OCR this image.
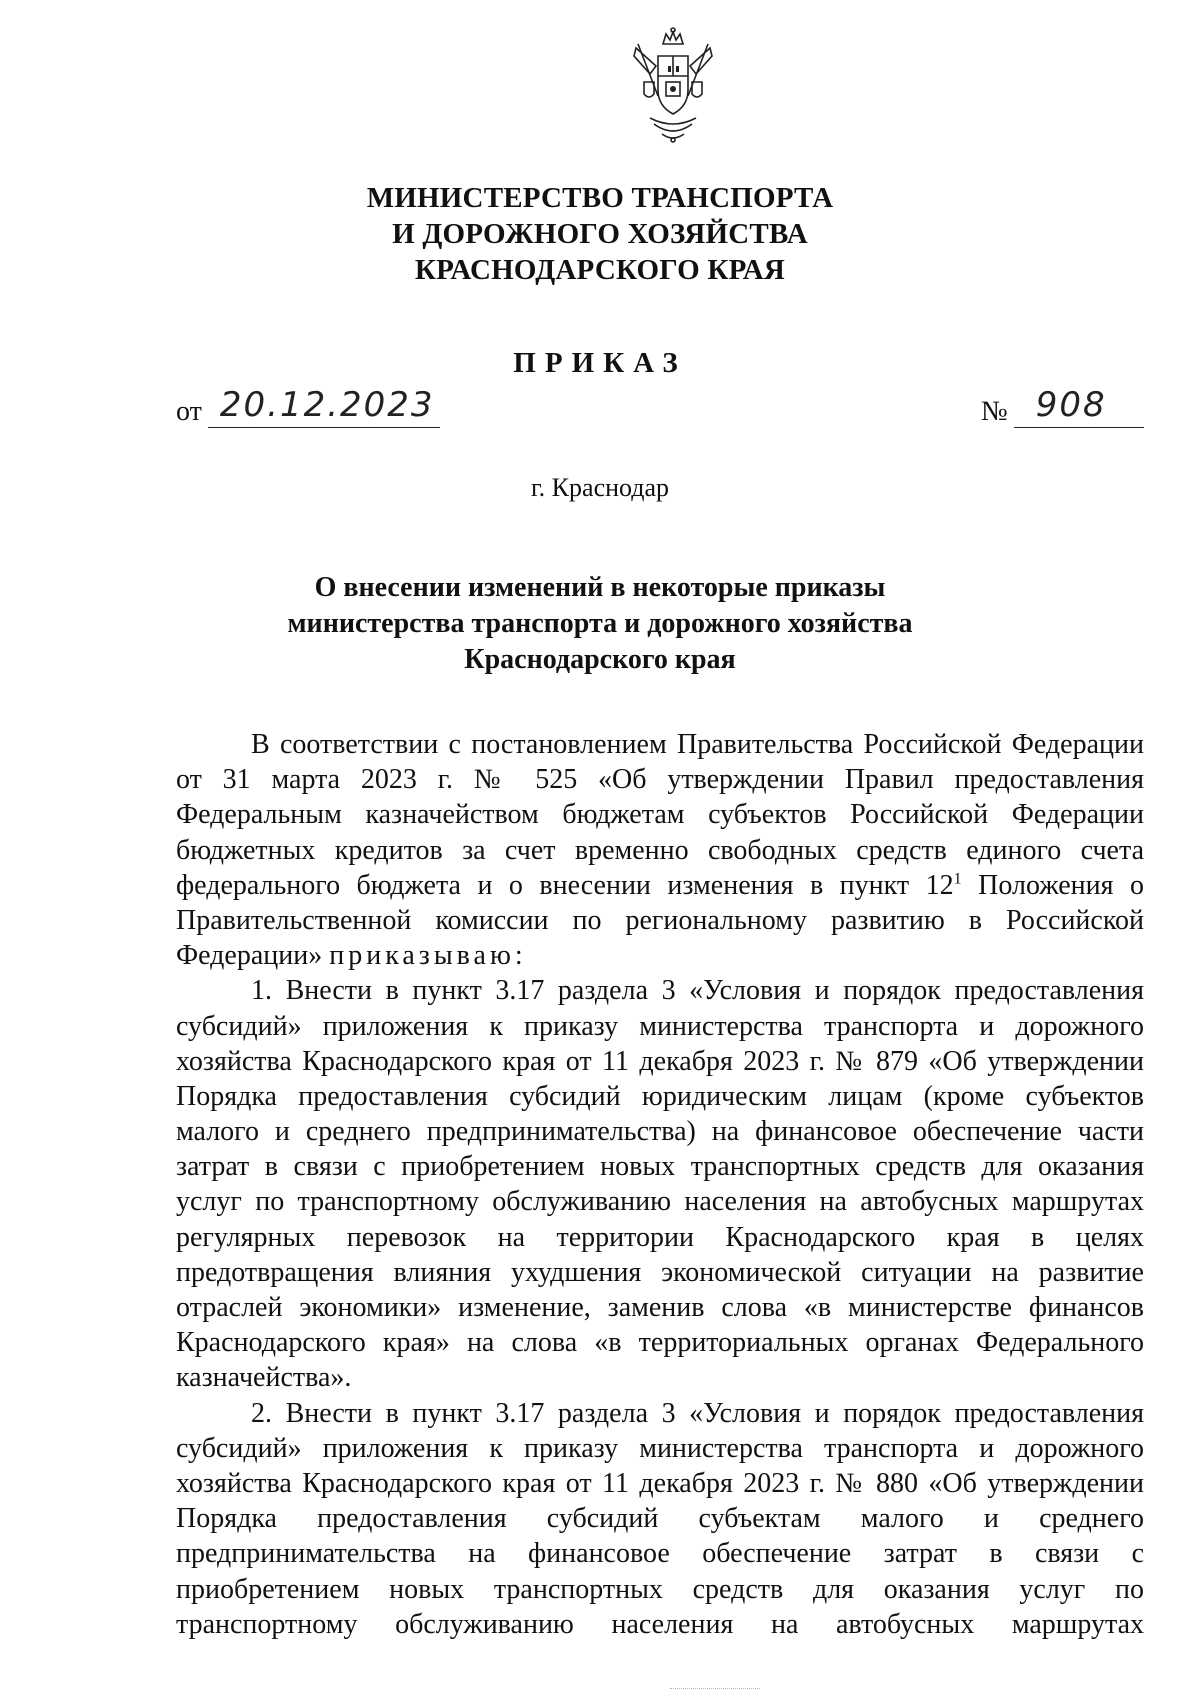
МИНИСТЕРСТВО ТРАНСПОРТА
И ДОРОЖНОГО ХОЗЯЙСТВА
КРАСНОДАРСКОГО КРАЯ
ПРИКАЗ
от 20.12.2023	№ 908
г. Краснодар
О внесении изменений в некоторые приказы
министерства транспорта и дорожного хозяйства
Краснодарского края
В соответствии с постановлением Правительства Российской Федерации
от 31 марта 2023 г. № 525 «Об утверждении Правил предоставления
Федеральным казначейством бюджетам субъектов Российской Федерации
бюджетных кредитов за счет временно свободных средств единого счета
федерального бюджета и о внесении изменения в пункт $12^1$ Положения о
Правительственной комиссии по региональному развитию в Российской
Федерации» приказываю:
1. Внести в пункт 3.17 раздела 3 «Условия и порядок предоставления
субсидий» приложения к приказу министерства транспорта и дорожного
хозяйства Краснодарского края от 11 декабря 2023 г. № 879 «Об утверждении
Порядка предоставления субсидий юридическим лицам (кроме субъектов
малого и среднего предпринимательства) на финансовое обеспечение части
затрат в связи с приобретением новых транспортных средств для оказания
услуг по транспортному обслуживанию населения на автобусных маршрутах
регулярных перевозок на территории Краснодарского края в целях
предотвращения влияния ухудшения экономической ситуации на развитие
отраслей экономики» изменение, заменив слова «в министерстве финансов
Краснодарского края» на слова «в территориальных органах Федерального
казначейства».
2. Внести в пункт 3.17 раздела 3 «Условия и порядок предоставления
субсидий» приложения к приказу министерства транспорта и дорожного
хозяйства Краснодарского края от 11 декабря 2023 г. № 880 «Об утверждении
Порядка предоставления субсидий субъектам малого и среднего
предпринимательства на финансовое обеспечение затрат в связи с
приобретением новых транспортных средств для оказания услуг по
транспортному обслуживанию населения на автобусных маршрутах
